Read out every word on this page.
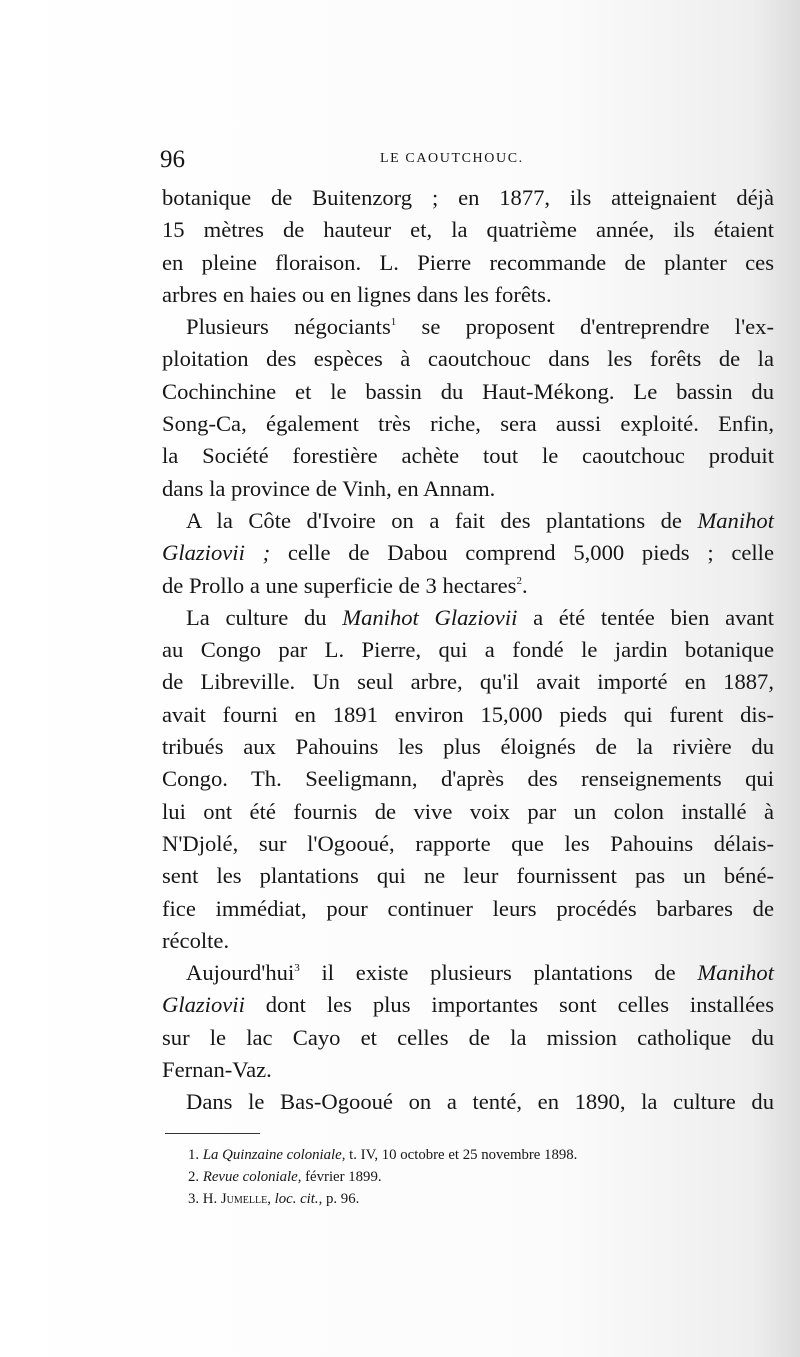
96	LE CAOUTCHOUC.
botanique de Buitenzorg ; en 1877, ils atteignaient déjà
15 mètres de hauteur et, la quatrième année, ils étaient
en pleine floraison. L. Pierre recommande de planter ces
arbres en haies ou en lignes dans les forêts.
Plusieurs négociants$^1$ se proposent d'entreprendre l'ex-
ploitation des espèces à caoutchouc dans les forêts de la
Cochinchine et le bassin du Haut-Mékong. Le bassin du
Song-Ca, également très riche, sera aussi exploité. Enfin,
la Société forestière achète tout le caoutchouc produit
dans la province de Vinh, en Annam.
A la Côte d'Ivoire on a fait des plantations de Manihot
Glaziovii ; celle de Dabou comprend 5,000 pieds ; celle
de Prollo a une superficie de 3 hectares$^2$.
La culture du Manihot Glaziovii a été tentée bien avant
au Congo par L. Pierre, qui a fondé le jardin botanique
de Libreville. Un seul arbre, qu'il avait importé en 1887,
avait fourni en 1891 environ 15,000 pieds qui furent dis-
tribués aux Pahouins les plus éloignés de la rivière du
Congo. Th. Seeligmann, d'après des renseignements qui
lui ont été fournis de vive voix par un colon installé à
N'Djolé, sur l'Ogooué, rapporte que les Pahouins délais-
sent les plantations qui ne leur fournissent pas un béné-
fice immédiat, pour continuer leurs procédés barbares de
récolte.
Aujourd'hui$^3$ il existe plusieurs plantations de Manihot
Glaziovii dont les plus importantes sont celles installées
sur le lac Cayo et celles de la mission catholique du
Fernan-Vaz.
Dans le Bas-Ogooué on a tenté, en 1890, la culture du
1. La Quinzaine coloniale, t. IV, 10 octobre et 25 novembre 1898.
2. Revue coloniale, février 1899.
3. H. Jumelle, loc. cit., p. 96.
